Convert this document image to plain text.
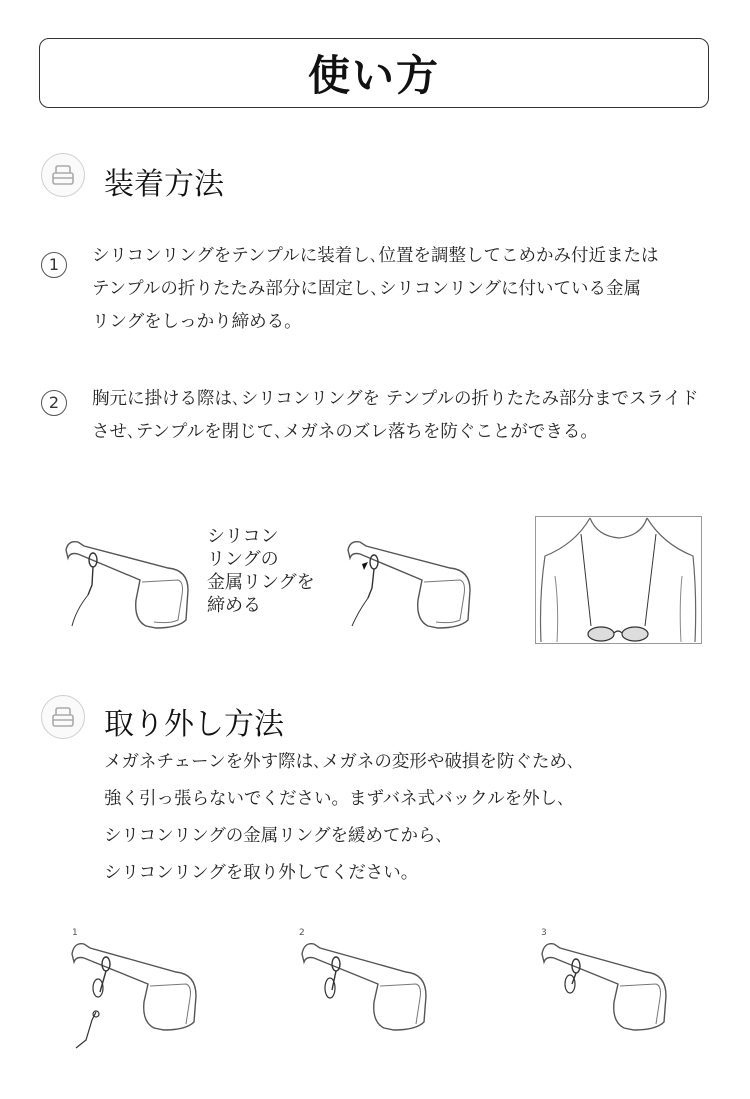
使い方
装着方法
1	シリコンリングをテンプルに装着し､位置を調整してこめかみ付近または
テンプルの折りたたみ部分に固定し､シリコンリングに付いている金属
リングをしっかり締める。
2	胸元に掛ける際は､シリコンリングを テンプルの折りたたみ部分までスライド
させ､テンプルを閉じて､メガネのズレ落ちを防ぐことができる。
シリコン
リングの
金属リングを
締める
取り外し方法
メガネチェーンを外す際は､メガネの変形や破損を防ぐため､
強く引っ張らないでください。まずバネ式バックルを外し､
シリコンリングの金属リングを緩めてから､
シリコンリングを取り外してください。
1	2	3
